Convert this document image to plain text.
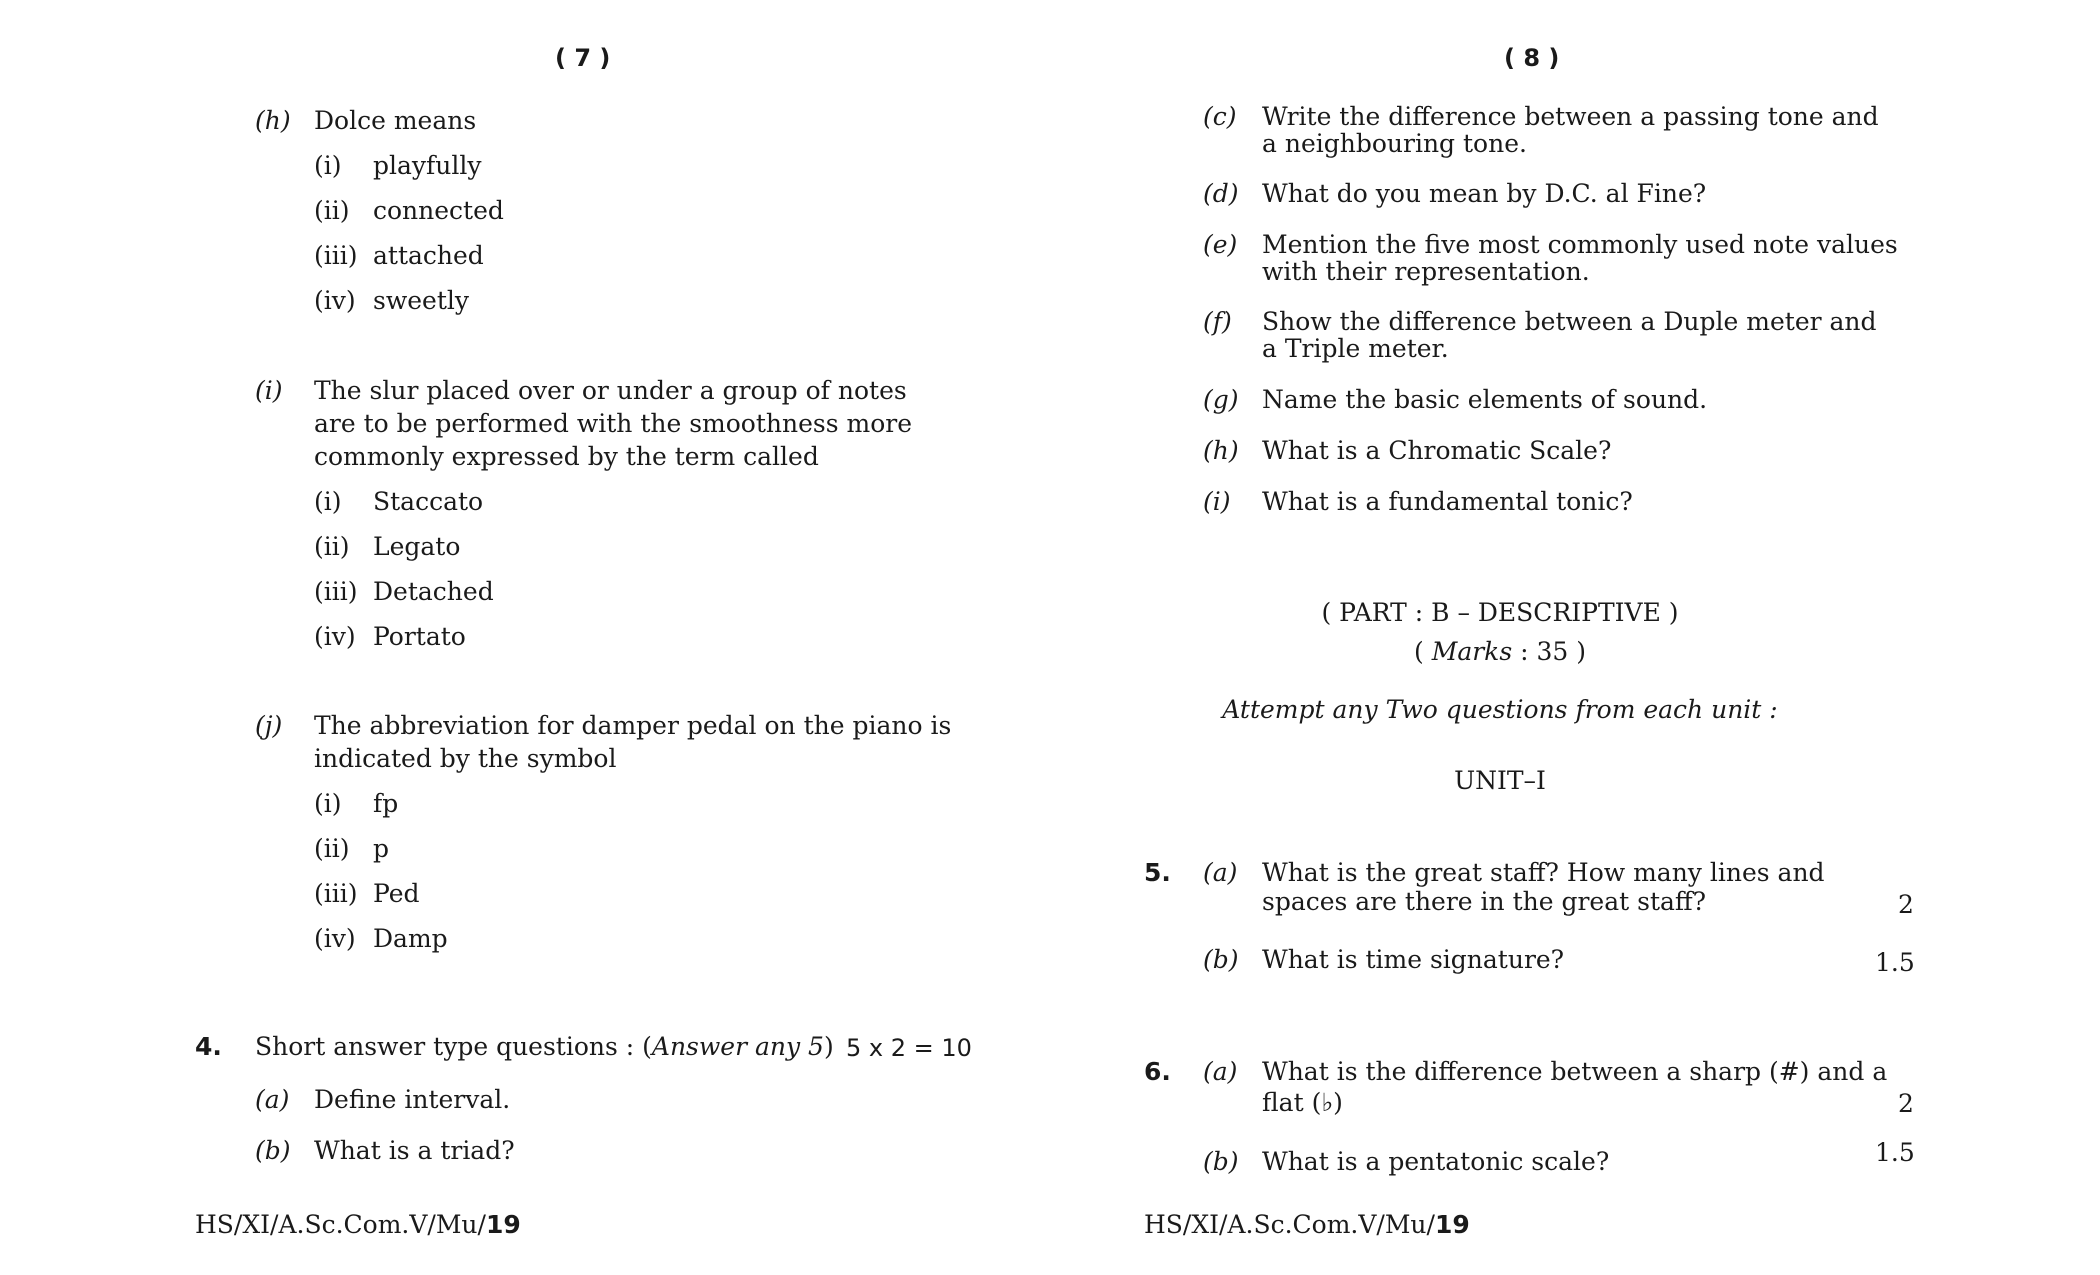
( 7 )
(h) Dolce means
(i) playfully
(ii) connected
(iii) attached
(iv) sweetly
(i) The slur placed over or under a group of notes
are to be performed with the smoothness more
commonly expressed by the term called
(i) Staccato
(ii) Legato
(iii) Detached
(iv) Portato
(j) The abbreviation for damper pedal on the piano is
indicated by the symbol
(i) fp
(ii) p
(iii) Ped
(iv) Damp
4. Short answer type questions : (Answer any 5) 5 x 2 = 10
(a) Define interval.
(b) What is a triad?
HS/XI/A.Sc.Com.V/Mu/19
( 8 )
(c) Write the difference between a passing tone and
a neighbouring tone.
(d) What do you mean by D.C. al Fine?
(e) Mention the five most commonly used note values
with their representation.
(f) Show the difference between a Duple meter and
a Triple meter.
(g) Name the basic elements of sound.
(h) What is a Chromatic Scale?
(i) What is a fundamental tonic?
( PART : B – DESCRIPTIVE )
( Marks : 35 )
Attempt any Two questions from each unit :
UNIT–I
5. (a) What is the great staff? How many lines and
spaces are there in the great staff?	2
(b) What is time signature?	1.5
6. (a) What is the difference between a sharp (#) and a
flat (♭)	2
(b) What is a pentatonic scale?	1.5
HS/XI/A.Sc.Com.V/Mu/19
